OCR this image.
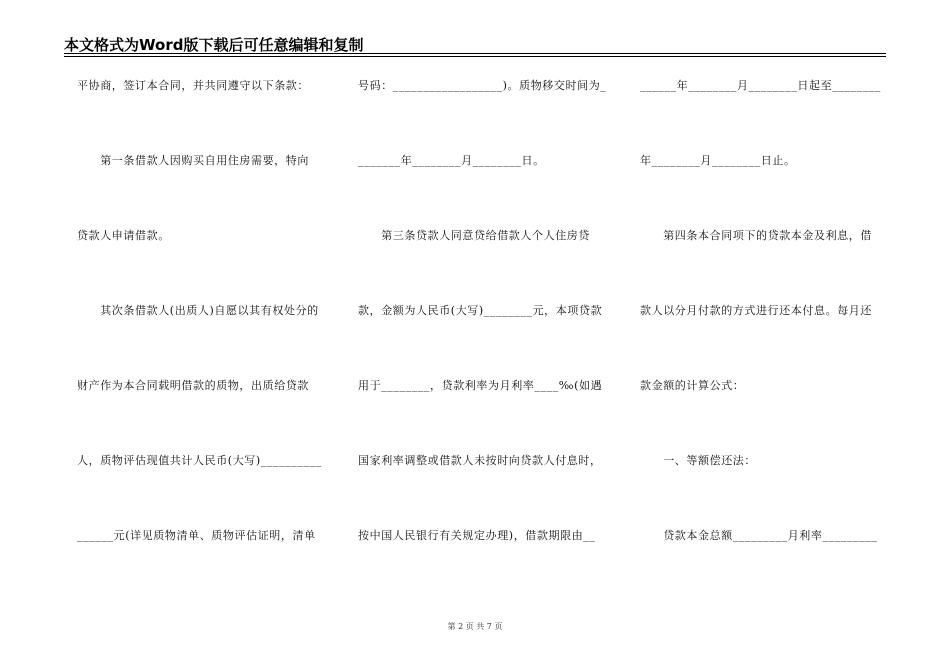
本文格式为Word版下载后可任意编辑和复制
平协商，签订本合同，并共同遵守以下条款：
　　第一条借款人因购买自用住房需要，特向
贷款人申请借款。
　　其次条借款人(出质人)自愿以其有权处分的
财产作为本合同载明借款的质物，出质给贷款
人，质物评估现值共计人民币(大写)__________
______元(详见质物清单、质物评估证明，清单
号码：__________________)。质物移交时间为_
_______年________月________日。
　　第三条贷款人同意贷给借款人个人住房贷
款，金额为人民币(大写)________元，本项贷款
用于________，贷款利率为月利率____‰(如遇
国家利率调整或借款人未按时向贷款人付息时，
按中国人民银行有关规定办理)，借款期限由__
______年________月________日起至________
年________月________日止。
　　第四条本合同项下的贷款本金及利息，借
款人以分月付款的方式进行还本付息。每月还
款金额的计算公式：
　　一、等额偿还法：
　　贷款本金总额_________月利率_________
第 2 页 共 7 页
